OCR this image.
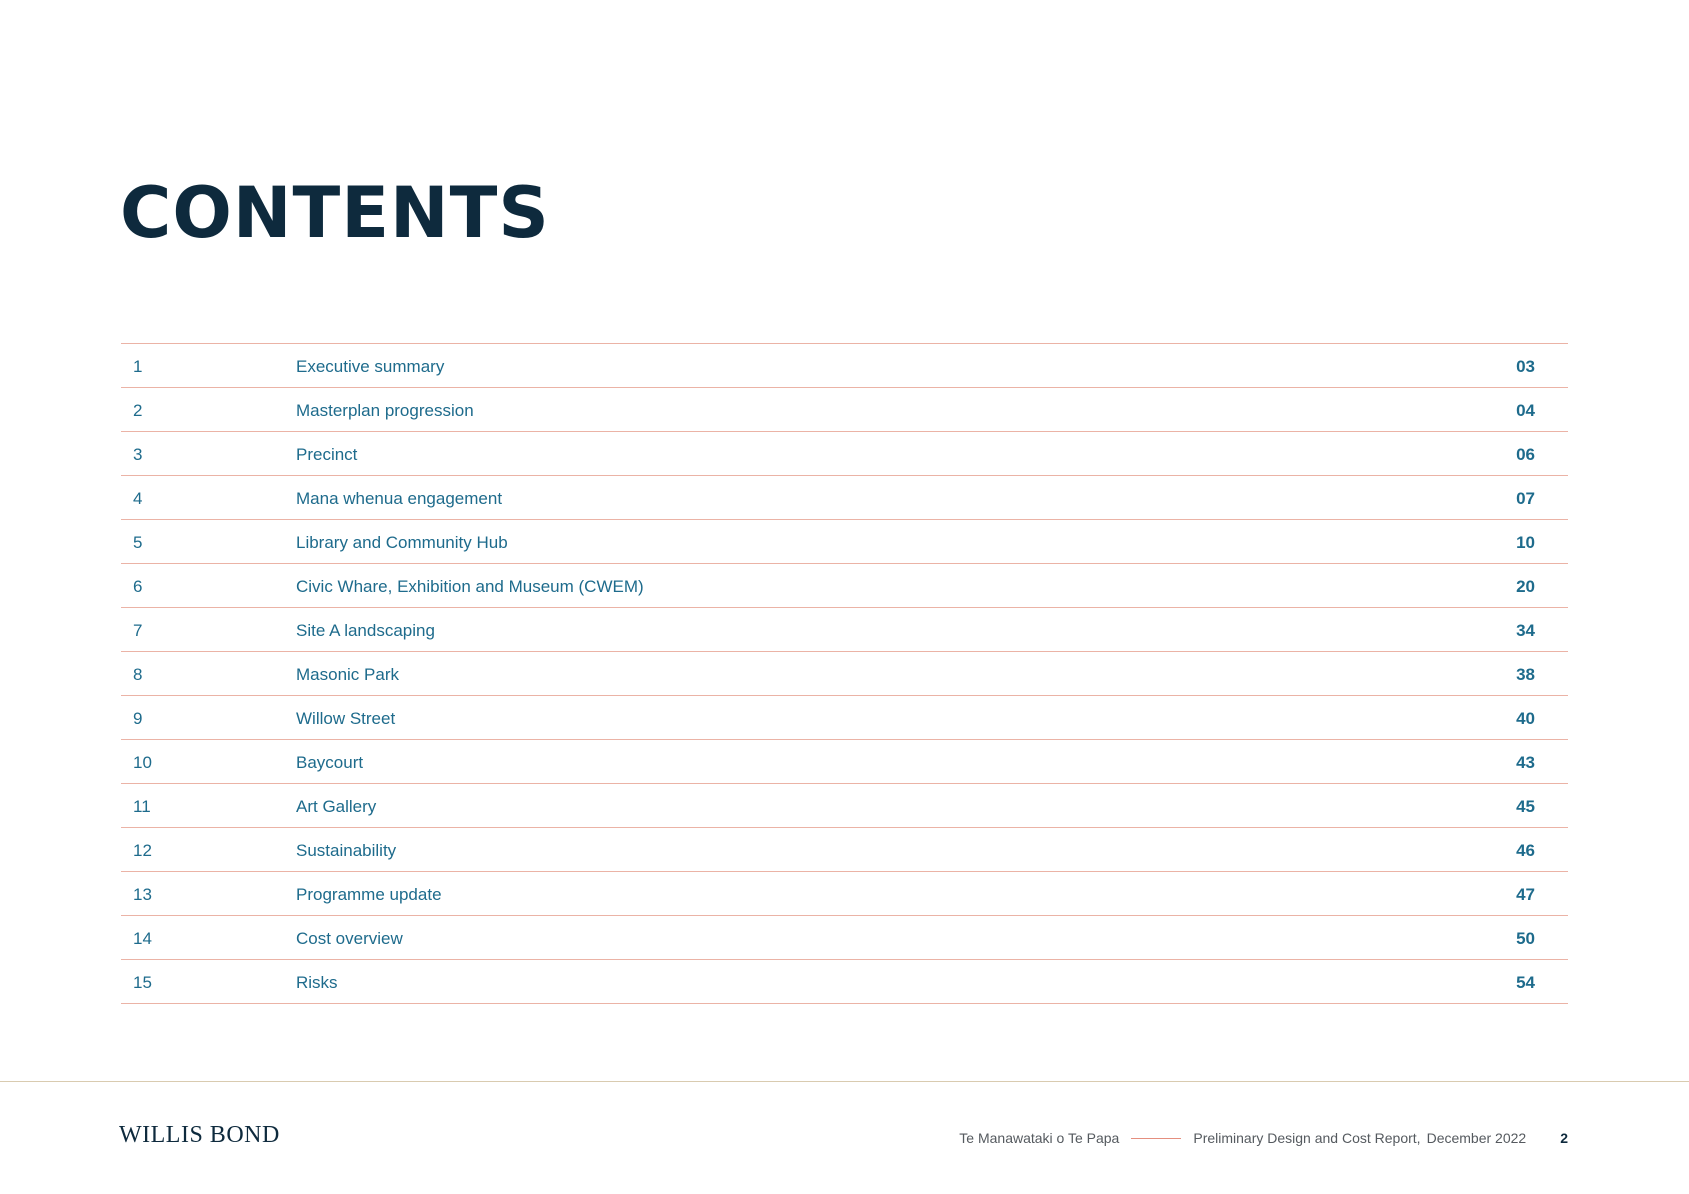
CONTENTS
1	Executive summary	03
2	Masterplan progression	04
3	Precinct	06
4	Mana whenua engagement	07
5	Library and Community Hub	10
6	Civic Whare, Exhibition and Museum (CWEM)	20
7	Site A landscaping	34
8	Masonic Park	38
9	Willow Street	40
10	Baycourt	43
11	Art Gallery	45
12	Sustainability	46
13	Programme update	47
14	Cost overview	50
15	Risks	54
WILLIS BOND	Te Manawataki o Te Papa	Preliminary Design and Cost Report, December 2022 2
